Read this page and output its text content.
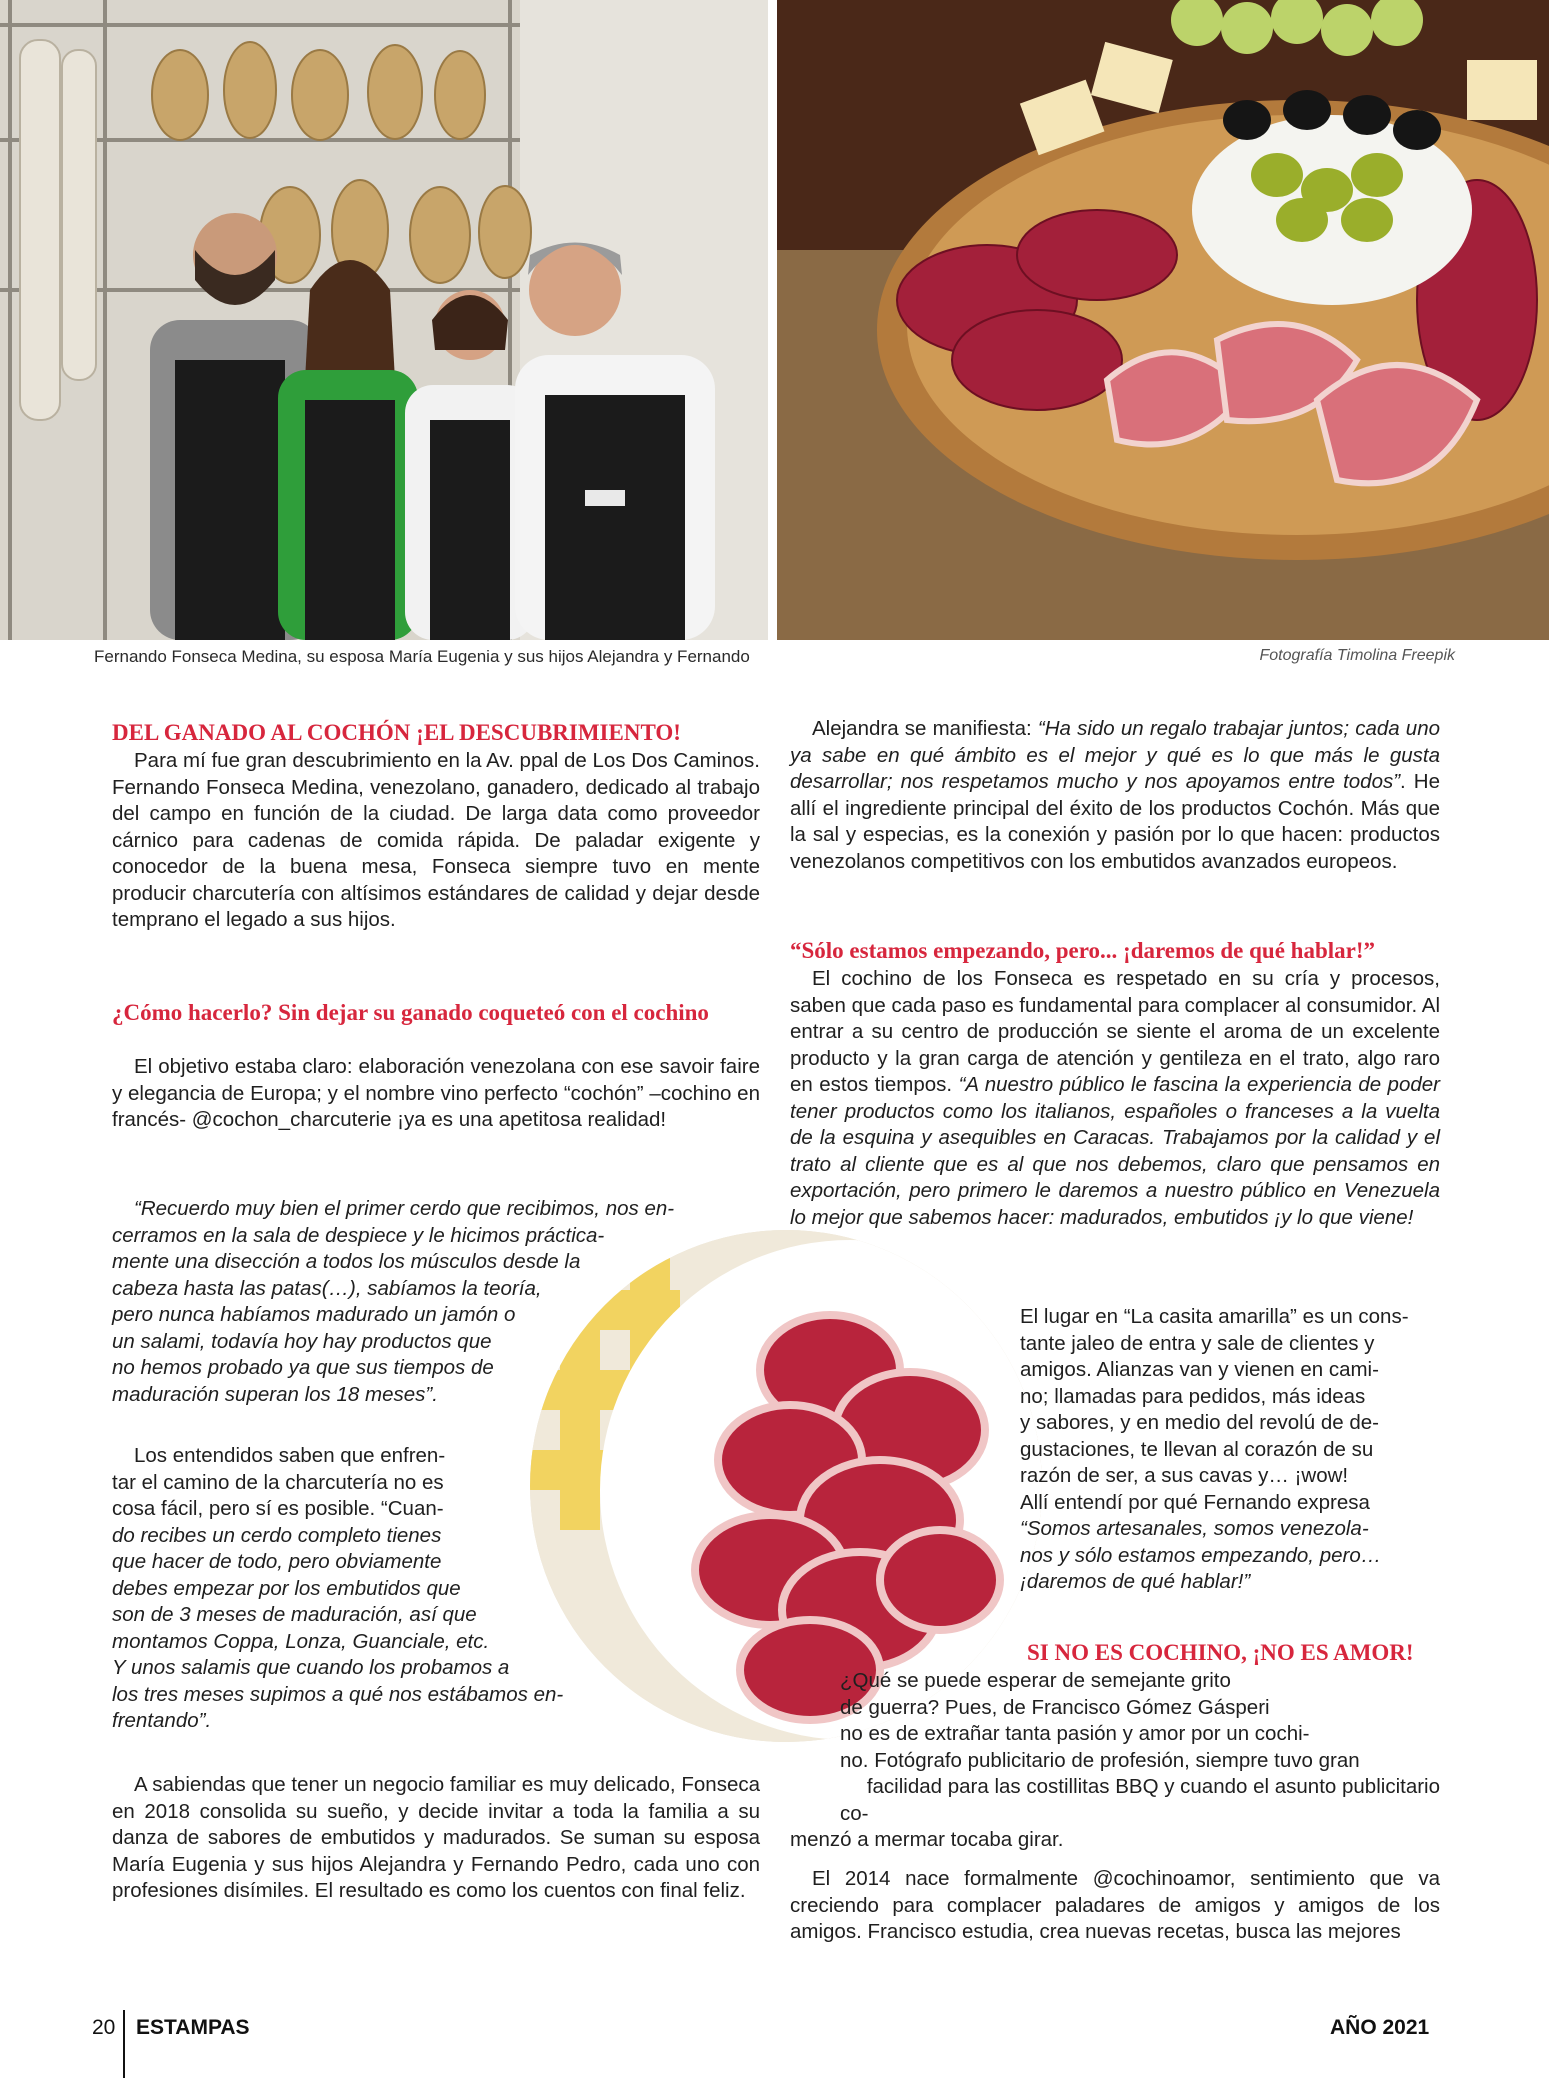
Fernando Fonseca Medina, su esposa María Eugenia y sus hijos Alejandra y Fernando	Fotografía Timolina Freepik
DEL GANADO AL COCHÓN ¡EL DESCUBRIMIENTO!

Para mí fue gran descubrimiento en la Av. ppal de Los Dos Caminos. Fernando Fonseca Medina, venezolano, ganadero, dedicado al trabajo del campo en función de la ciudad. De larga data como proveedor cárnico para cadenas de comida rápida. De paladar exigente y conocedor de la buena mesa, Fonseca siempre tuvo en mente producir charcutería con altísimos estándares de calidad y dejar desde temprano el legado a sus hijos.

¿Cómo hacerlo? Sin dejar su ganado coqueteó con el cochino

El objetivo estaba claro: elaboración venezolana con ese savoir faire y elegancia de Europa; y el nombre vino perfecto “cochón” –cochino en francés- @cochon_charcuterie ¡ya es una apetitosa realidad!

“Recuerdo muy bien el primer cerdo que recibimos, nos en-
cerramos en la sala de despiece y le hicimos práctica-
mente una disección a todos los músculos desde la
cabeza hasta las patas(…), sabíamos la teoría,
pero nunca habíamos madurado un jamón o
un salami, todavía hoy hay productos que
no hemos probado ya que sus tiempos de
maduración superan los 18 meses”.
Los entendidos saben que enfren-
tar el camino de la charcutería no es
cosa fácil, pero sí es posible. “Cuan-
do recibes un cerdo completo tienes
que hacer de todo, pero obviamente
debes empezar por los embutidos que
son de 3 meses de maduración, así que
montamos Coppa, Lonza, Guanciale, etc.
Y unos salamis que cuando los probamos a
los tres meses supimos a qué nos estábamos en-
frentando”.

A sabiendas que tener un negocio familiar es muy delicado, Fonseca en 2018 consolida su sueño, y decide invitar a toda la familia a su danza de sabores de embutidos y madurados. Se suman su esposa María Eugenia y sus hijos Alejandra y Fernando Pedro, cada uno con profesiones disímiles. El resultado es como los cuentos con final feliz.

Alejandra se manifiesta: “Ha sido un regalo trabajar juntos; cada uno ya sabe en qué ámbito es el mejor y qué es lo que más le gusta desarrollar; nos respetamos mucho y nos apoyamos entre todos”. He allí el ingrediente principal del éxito de los productos Cochón. Más que la sal y especias, es la conexión y pasión por lo que hacen: productos venezolanos competitivos con los embutidos avanzados europeos.

“Sólo estamos empezando, pero... ¡daremos de qué hablar!”

El cochino de los Fonseca es respetado en su cría y procesos, saben que cada paso es fundamental para complacer al consumidor. Al entrar a su centro de producción se siente el aroma de un excelente producto y la gran carga de atención y gentileza en el trato, algo raro en estos tiempos. “A nuestro público le fascina la experiencia de poder tener productos como los italianos, españoles o franceses a la vuelta de la esquina y asequibles en Caracas. Trabajamos por la calidad y el trato al cliente que es al que nos debemos, claro que pensamos en exportación, pero primero le daremos a nuestro público en Venezuela lo mejor que sabemos hacer: madurados, embutidos ¡y lo que viene!

El lugar en “La casita amarilla” es un cons-
tante jaleo de entra y sale de clientes y
amigos. Alianzas van y vienen en cami-
no; llamadas para pedidos, más ideas
y sabores, y en medio del revolú de de-
gustaciones, te llevan al corazón de su
razón de ser, a sus cavas y… ¡wow!
Allí entendí por qué Fernando expresa
“Somos artesanales, somos venezola-
nos y sólo estamos empezando, pero…
¡daremos de qué hablar!”
SI NO ES COCHINO, ¡NO ES AMOR!
¿Qué se puede esperar de semejante grito
de guerra? Pues, de Francisco Gómez Gásperi
no es de extrañar tanta pasión y amor por un cochi-
no. Fotógrafo publicitario de profesión, siempre tuvo gran
facilidad para las costillitas BBQ y cuando el asunto publicitario co-
menzó a mermar tocaba girar.

El 2014 nace formalmente @cochinoamor, sentimiento que va creciendo para complacer paladares de amigos y amigos de los amigos. Francisco estudia, crea nuevas recetas, busca las mejores

20 ESTAMPAS	AÑO 2021
